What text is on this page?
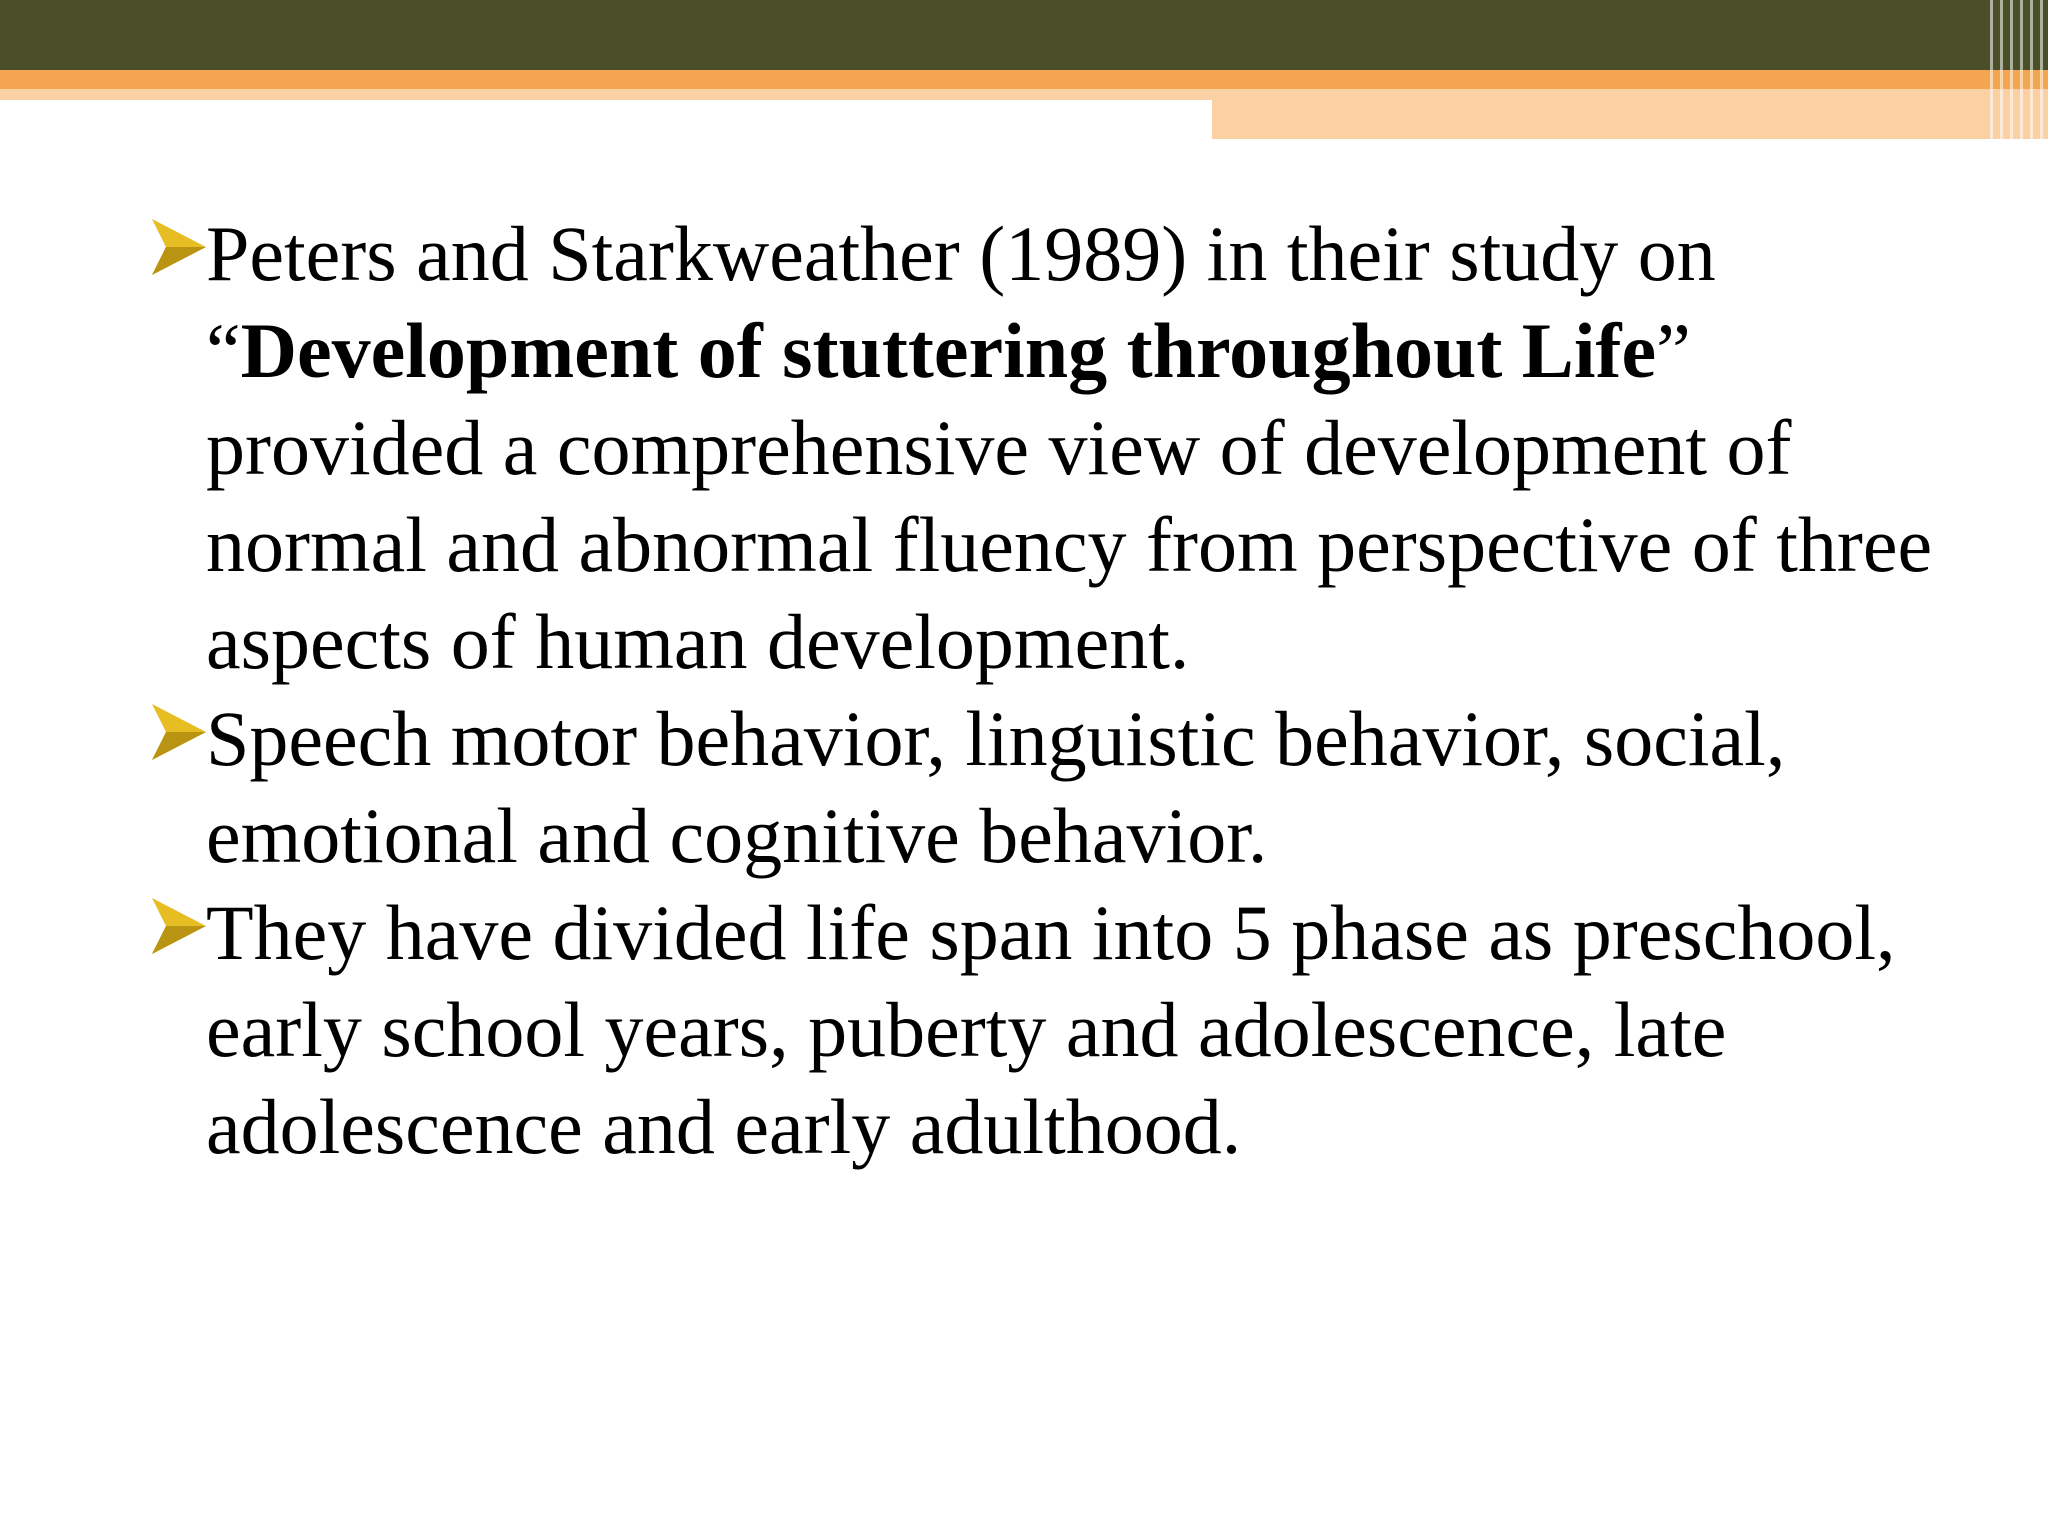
Peters and Starkweather (1989) in their study on “Development of stuttering throughout Life” provided a comprehensive view of development of normal and abnormal fluency from perspective of three aspects of human development.

Speech motor behavior, linguistic behavior, social, emotional and cognitive behavior.

They have divided life span into 5 phase as preschool, early school years, puberty and adolescence, late adolescence and early adulthood.
